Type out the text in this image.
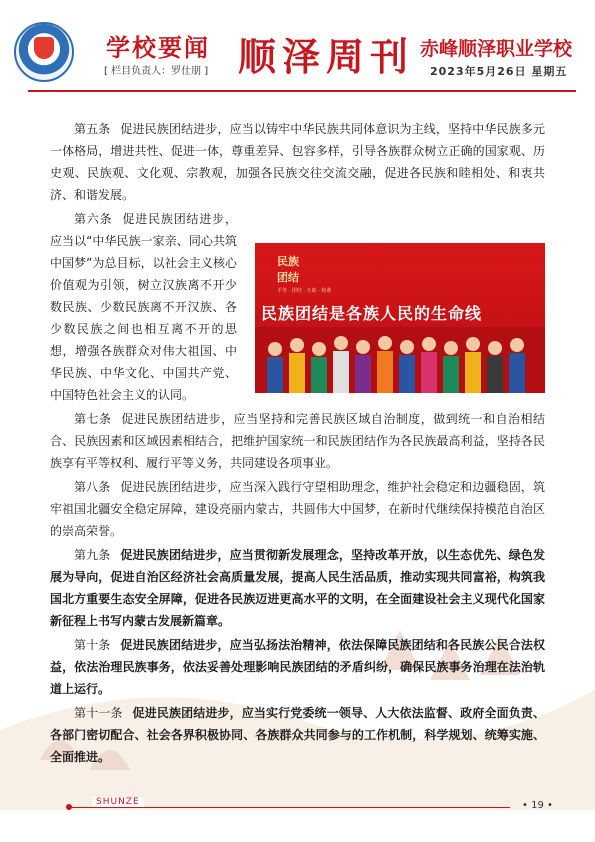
学校要闻
[ 栏目负责人：罗仕朋 ] 顺泽周刊 赤峰顺泽职业学校
2023年5月26日 星期五
民族
团结
平等 · 团结 · 互助 · 和谐
民族团结是各族人民的生命线

第五条 促进民族团结进步，应当以铸牢中华民族共同体意识为主线，坚持中华民族多元一体格局，增进共性、促进一体，尊重差异、包容多样，引导各族群众树立正确的国家观、历史观、民族观、文化观、宗教观，加强各民族交往交流交融，促进各民族和睦相处、和衷共济、和谐发展。

第六条 促进民族团结进步，应当以“中华民族一家亲、同心共筑中国梦”为总目标，以社会主义核心价值观为引领，树立汉族离不开少数民族、少数民族离不开汉族、各少数民族之间也相互离不开的思想，增强各族群众对伟大祖国、中华民族、中华文化、中国共产党、中国特色社会主义的认同。

第七条 促进民族团结进步，应当坚持和完善民族区域自治制度，做到统一和自治相结合、民族因素和区域因素相结合，把维护国家统一和民族团结作为各民族最高利益，坚持各民族享有平等权利、履行平等义务，共同建设各项事业。

第八条 促进民族团结进步，应当深入践行守望相助理念，维护社会稳定和边疆稳固，筑牢祖国北疆安全稳定屏障，建设亮丽内蒙古，共圆伟大中国梦，在新时代继续保持模范自治区的崇高荣誉。

第九条 促进民族团结进步，应当贯彻新发展理念，坚持改革开放，以生态优先、绿色发展为导向，促进自治区经济社会高质量发展，提高人民生活品质，推动实现共同富裕，构筑我国北方重要生态安全屏障，促进各民族迈进更高水平的文明，在全面建设社会主义现代化国家新征程上书写内蒙古发展新篇章。

第十条 促进民族团结进步，应当弘扬法治精神，依法保障民族团结和各民族公民合法权益，依法治理民族事务，依法妥善处理影响民族团结的矛盾纠纷，确保民族事务治理在法治轨道上运行。

第十一条 促进民族团结进步，应当实行党委统一领导、人大依法监督、政府全面负责、各部门密切配合、社会各界积极协同、各族群众共同参与的工作机制，科学规划、统筹实施、全面推进。

SHUNZE	• 19 •
